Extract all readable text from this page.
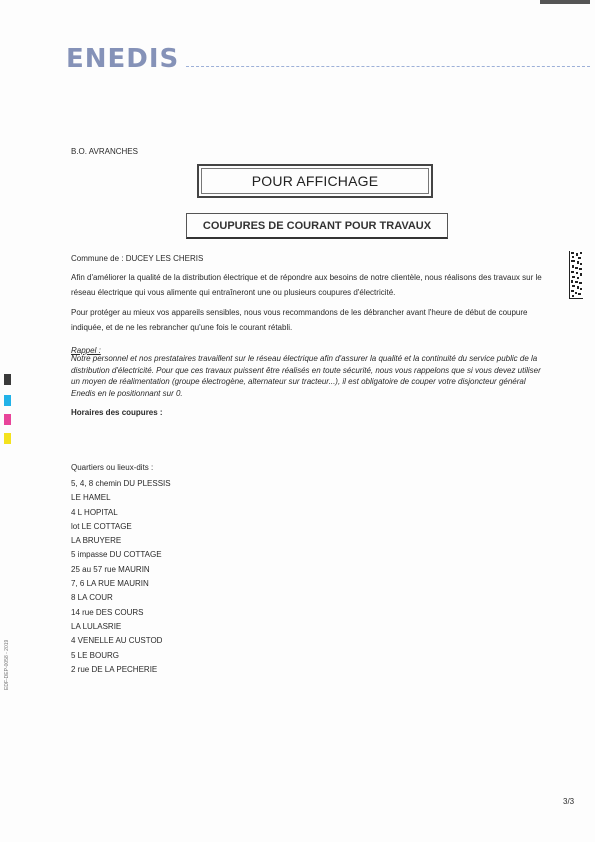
ENEDIS
B.O. AVRANCHES
POUR AFFICHAGE
COUPURES DE COURANT POUR TRAVAUX
Commune de : DUCEY LES CHERIS
Afin d'améliorer la qualité de la distribution électrique et de répondre aux besoins de notre clientèle, nous réalisons des travaux sur le réseau électrique qui vous alimente qui entraîneront une ou plusieurs coupures d'électricité.
Pour protéger au mieux vos appareils sensibles, nous vous recommandons de les débrancher avant l'heure de début de coupure indiquée, et de ne les rebrancher qu'une fois le courant rétabli.
Rappel :
Notre personnel et nos prestataires travaillent sur le réseau électrique afin d'assurer la qualité et la continuité du service public de la distribution d'électricité. Pour que ces travaux puissent être réalisés en toute sécurité, nous vous rappelons que si vous devez utiliser un moyen de réalimentation (groupe électrogène, alternateur sur tracteur...), il est obligatoire de couper votre disjoncteur général Enedis en le positionnant sur 0.
Horaires des coupures :
Quartiers ou lieux-dits :
5, 4, 8 chemin DU PLESSIS
LE HAMEL
4 L HOPITAL
lot LE COTTAGE
LA BRUYERE
5 impasse DU COTTAGE
25 au 57 rue MAURIN
7, 6 LA RUE MAURIN
8 LA COUR
14 rue DES COURS
LA LULASRIE
4 VENELLE AU CUSTOD
5 LE BOURG
2 rue DE LA PECHERIE
EDF-DEP-0058 - 2019
3/3
